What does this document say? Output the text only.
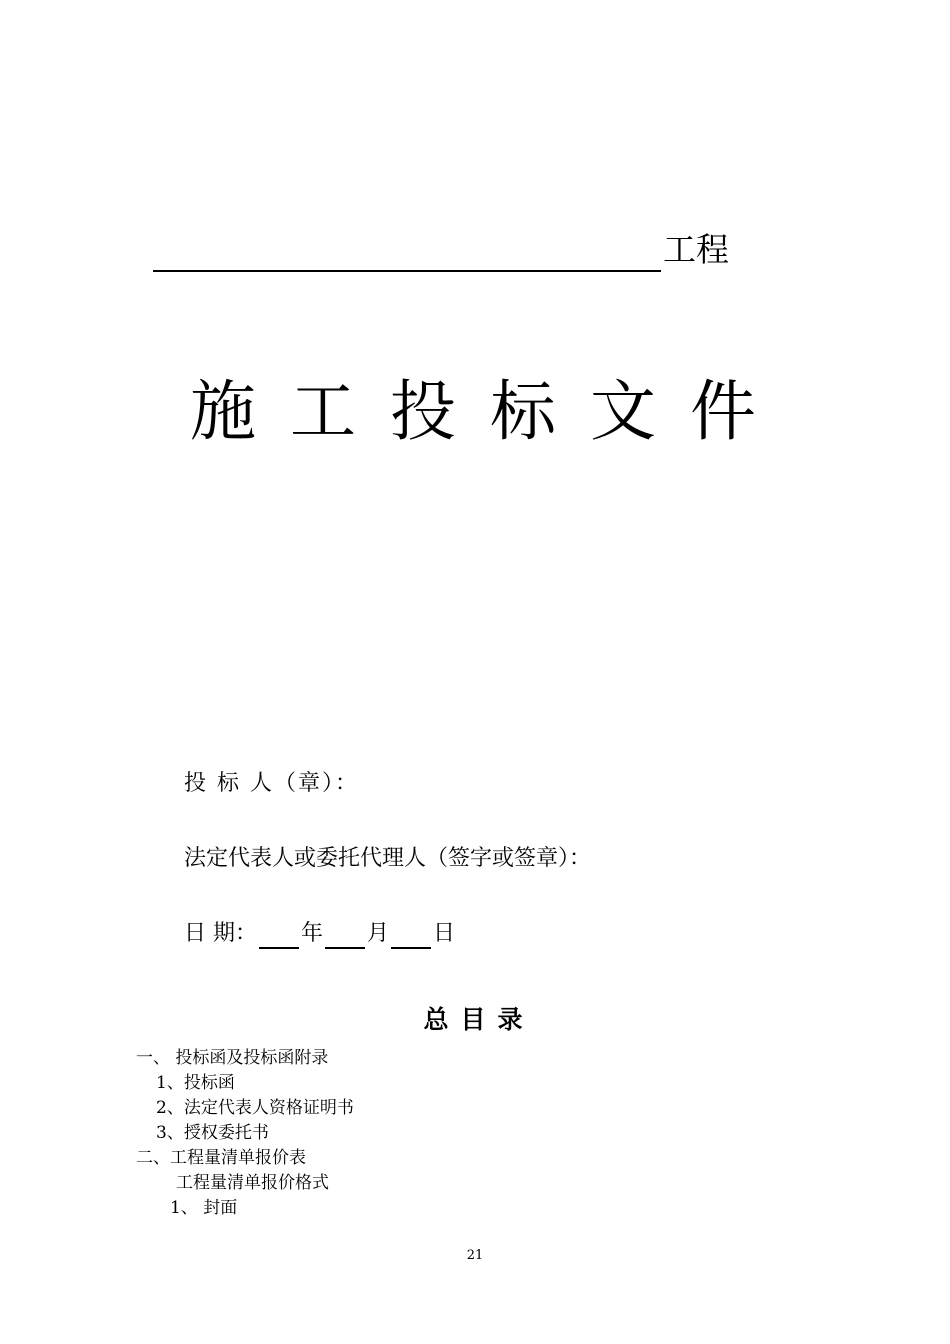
工程
施工投标文件
投 标 人（章）：
法定代表人或委托代理人（签字或签章）：
日 期： 年 月 日
总目录
一、 投标函及投标函附录
1、投标函
2、法定代表人资格证明书
3、授权委托书
二、工程量清单报价表
工程量清单报价格式
1、 封面
21
